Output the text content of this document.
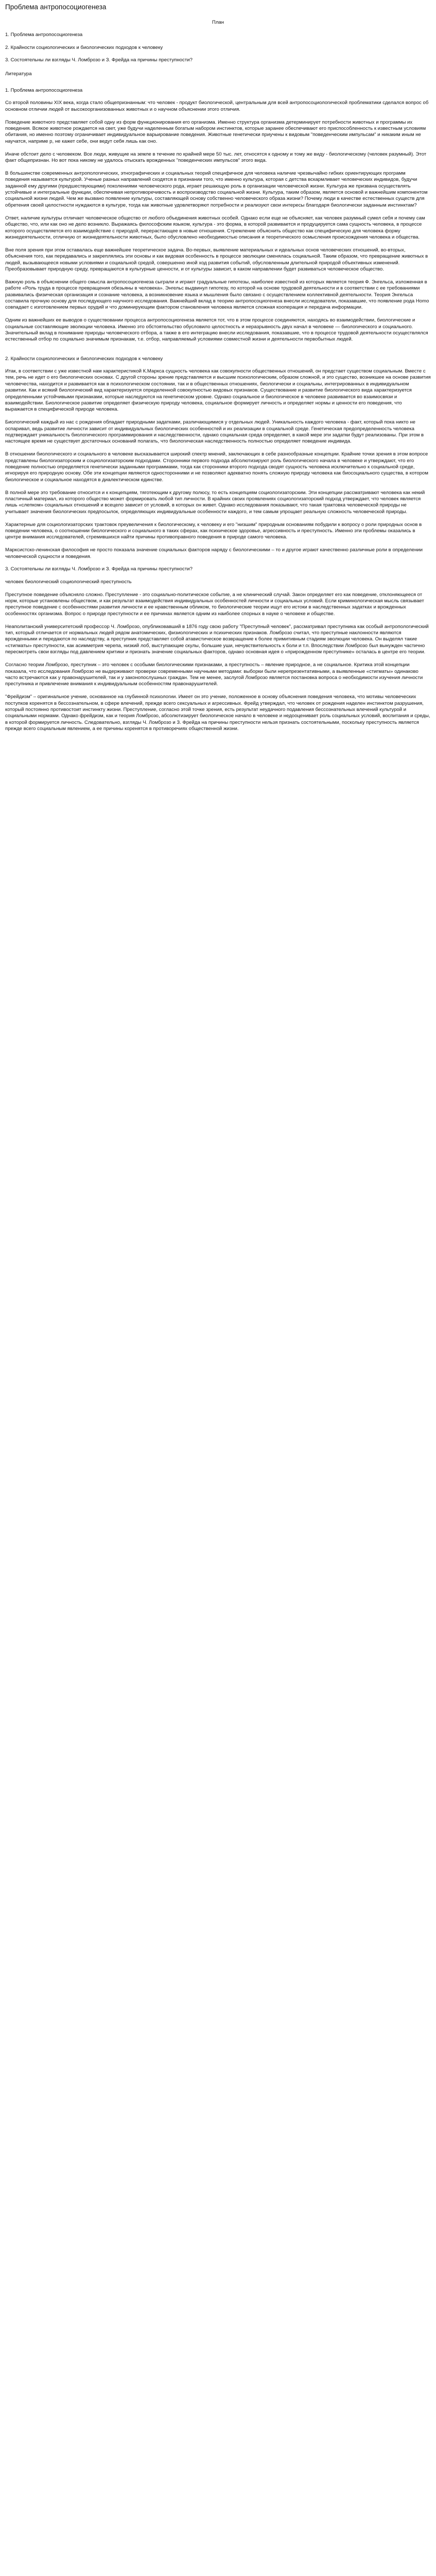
Проблема антропосоциогенеза
План
1. Проблема антропосоциогенеза
2. Крайности социологических и биологических подходов к человеку
3. Состоятельны ли взгляды Ч. Ломброзо и З. Фрейда на причины преступности?
Литература
1. Проблема антропосоциогенеза

Со второй половины XIX века, когда стало общепризнанным: что человек - продукт биологической, центральным для всей антропосоциологической проблематики сделался вопрос об основном отличии людей от высокоорганизованных животных и о научном объяснении этого отличия.

Поведение животного представляет собой одну из форм функционирования его организма. Именно структура организма детерминирует потребности животных и программы их поведения. Всякое животное рождается на свет, уже будучи наделенным богатым набором инстинктов, которые заранее обеспечивают его приспособленность к известным условиям обитания, но именно поэтому ограничивает индивидуальное варьирование поведения. Животные генетически приучены к видовым "поведенческим импульсам" и никаким иным не научатся, наприме р, не кажет себе, они ведут себя лишь как оно.

Иначе обстоит дело с человеком. Все люди, живущие на земле в течение по крайней мере 50 тыс. лет, относятся к одному и тому же виду - биологическому (человек разумный). Этот факт общепризнан. Но вот пока никому не удалось отыскать врожденных "поведенческих импульсов" этого вида.

В большинстве современных антропологических, этнографических и социальных теорий специфичное для человека наличие чрезвычайно гибких ориентирующих программ поведения называется культурой. Ученые разных направлений сходятся в признании того, что именно культура, которая с детства вскармливает человеческих индивидов, будучи заданной ему другими (предшествующими) поколениями человеческого рода, играет решающую роль в организации человеческой жизни. Культура же призвана осуществлять устойчивые и интегральные функции, обеспечивая непротиворечивость и воспроизводство социальной жизни. Культура, таким образом, является основой и важнейшим компонентом социальной жизни людей. Чем же вызвано появление культуры, составляющей основу собственно человеческого образа жизни? Почему люди в качестве естественных существ для обретения своей целостности нуждаются в культуре, тогда как животные удовлетворяют потребности и реализуют свои интересы благодаря биологически заданным инстинктам?

Ответ, наличие культуры отличает человеческое общество от любого объединения животных особей. Однако если еще не объясняет, как человек разумный сумел себя и почему сам общество, что, или как оно не дело возникло. Выражаясь философским языком, культура - это форма, в которой развивается и продуцируется сама сущность человека, в процессе которого осуществляется его взаимодействие с природой, перерастающее в новые отношения. Стремление объяснить общество как специфическую для человека форму жизнедеятельности, отличную от жизнедеятельности животных, было обусловлено необходимостью описания и теоретического осмысления происхождения человека и общества.

Вне поля зрения при этом оставалась еще важнейшее теоретическое задача. Во-первых, выявление материальных и идеальных основ человеческих отношений, во-вторых, объяснения того, как передавались и закреплялись эти основы и как видовая особенность в процессе эволюции сменялась социальной. Таким образом, что превращение животных в людей, вызывающееся новыми условиями и социальной средой, совершенно иной ход развития событий, обусловленным длительной природой объективных изменений. Преобразовывает природную среду, превращаются в культурные ценности, и от культуры зависит, в каком направлении будет развиваться человеческое общество.

Важную роль в объяснении общего смысла антропосоциогенеза сыграли и играют градуальные гипотезы, наиболее известной из которых является теория Ф. Энгельса, изложенная в работе «Роль труда в процессе превращения обезьяны в человека». Энгельс выдвинул гипотезу, по которой на основе трудовой деятельности и в соответствии с ее требованиями развивались физическая организация и сознание человека, а возникновение языка и мышления было связано с осуществлением коллективной деятельности. Теория Энгельса составила прочную основу для последующего научного исследования. Важнейший вклад в теорию антропосоциогенеза внесли исследователи, показавшие, что появление рода Homo совпадает с изготовлением первых орудий и что доминирующим фактором становления человека является сложная кооперация и передача информации.

Одним из важнейших ее выводов о существовании процесса антропосоциогенеза является тот, что в этом процессе соединяются, находясь во взаимодействии, биологические и социальные составляющие эволюции человека. Именно это обстоятельство обусловило целостность и неразрывность двух начал в человеке — биологического и социального. Значительный вклад в понимание природы человеческого отбора, а также в его интеграцию внесли исследования, показавшие, что в процессе трудовой деятельности осуществлялся естественный отбор по социально значимым признакам, т.е. отбор, направляемый условиями совместной жизни и деятельности первобытных людей.

2. Крайности социологических и биологических подходов к человеку

Итак, в соответствии с уже известной нам характеристикой К.Маркса сущность человека как совокупности общественных отношений, он предстает существом социальным. Вместе с тем, речь не идет о его биологических основах. С другой стороны зрение представляется и высшим психологическим, образом сложной, и это существо, возникшее на основе развития человечества, находится и развивается как в психологическом состоянии, так и в общественных отношениях, биологически и социальны, интегрированных в индивидуальном развитии. Как и всякий биологический вид характеризуется определенной совокупностью видовых признаков. Существование и развитие биологического вида характеризуется определенными устойчивыми признаками, которые наследуются на генетическом уровне. Однако социальное и биологическое в человеке развивается во взаимосвязи и взаимодействии. Биологическое развитие определяет физическую природу человека, социальное формирует личность и определяет нормы и ценности его поведения, что выражается в специфической природе человека.

Биологический каждый из нас с рождения обладает природными задатками, различающимися у отдельных людей. Уникальность каждого человека - факт, который пока никто не оспаривал, ведь развитие личности зависит от индивидуальных биологических особенностей и их реализации в социальной среде. Генетическая предопределенность человека подтверждает уникальность биологического программирования и наследственности, однако социальная среда определяет, в какой мере эти задатки будут реализованы. При этом в настоящее время не существует достаточных оснований полагать, что биологическая наследственность полностью определяет поведение индивида.

В отношении биологического и социального в человеке высказывается широкий спектр мнений, заключающих в себе разнообразные концепции. Крайние точки зрения в этом вопросе представлены биологизаторским и социологизаторским подходами. Сторонники первого подхода абсолютизируют роль биологического начала в человеке и утверждают, что его поведение полностью определяется генетически заданными программами, тогда как сторонники второго подхода сводят сущность человека исключительно к социальной среде, игнорируя его природную основу. Обе эти концепции являются односторонними и не позволяют адекватно понять сложную природу человека как биосоциального существа, в котором биологическое и социальное находятся в диалектическом единстве.

В полной мере это требование относится и к концепциям, тяготеющим к другому полюсу, то есть концепциям социологизаторским. Эти концепции рассматривают человека как некий пластичный материал, из которого общество может формировать любой тип личности. В крайних своих проявлениях социологизаторский подход утверждает, что человек является лишь «слепком» социальных отношений и всецело зависит от условий, в которых он живет. Однако исследования показывают, что такая трактовка человеческой природы не учитывает значения биологических предпосылок, определяющих индивидуальные особенности каждого, и тем самым упрощает реальную сложность человеческой природы.

Характерные для социологизаторских трактовок преувеличения к биологическому, к человеку и его "низшим" природным основаниям побудили к вопросу о роли природных основ в поведении человека, о соотношении биологического и социального в таких сферах, как психическое здоровье, агрессивность и преступность. Именно эти проблемы оказались в центре внимания исследователей, стремившихся найти причины противоправного поведения в природе самого человека.

Марксистско-ленинская философия не просто показала значение социальных факторов наряду с биологическими – то и другое играют качественно различные роли в определении человеческой сущности и поведения.

3. Состоятельны ли взгляды Ч. Ломброзо и З. Фрейда на причины преступности?

человек биологический социологический преступность

Преступное поведение объясняло сложно. Преступление - это социально-политическое событие, а не клинический случай. Закон определяет его как поведение, отклоняющееся от норм, которые установлены обществом, и как результат взаимодействия индивидуальных особенностей личности и социальных условий. Если криминологическая мысль связывает преступное поведение с особенностями развития личности и ее нравственным обликом, то биологические теории ищут его истоки в наследственных задатках и врожденных особенностях организма. Вопрос о природе преступности и ее причинах является одним из наиболее спорных в науке о человеке и обществе.

Неаполитанский университетский профессор Ч. Ломброзо, опубликовавший в 1876 году свою работу "Преступный человек", рассматривал преступника как особый антропологический тип, который отличается от нормальных людей рядом анатомических, физиологических и психических признаков. Ломброзо считал, что преступные наклонности являются врожденными и передаются по наследству, а преступник представляет собой атавистическое возвращение к более примитивным стадиям эволюции человека. Он выделял такие «стигматы» преступности, как асимметрия черепа, низкий лоб, выступающие скулы, большие уши, нечувствительность к боли и т.п. Впоследствии Ломброзо был вынужден частично пересмотреть свои взгляды под давлением критики и признать значение социальных факторов, однако основная идея о «прирожденном преступнике» осталась в центре его теории.

Согласно теории Ломброзо, преступник – это человек с особыми биологическими признаками, а преступность – явление природное, а не социальное. Критика этой концепции показала, что исследования Ломброзо не выдерживают проверки современными научными методами: выборки были нерепрезентативными, а выявленные «стигматы» одинаково часто встречаются как у правонарушителей, так и у законопослушных граждан. Тем не менее, заслугой Ломброзо является постановка вопроса о необходимости изучения личности преступника и привлечение внимания к индивидуальным особенностям правонарушителей.

"Фрейдизм" – оригинальное учение, основанное на глубинной психологии. Имеет он это учение, положенное в основу объяснения поведения человека, что мотивы человеческих поступков коренятся в бессознательном, в сфере влечений, прежде всего сексуальных и агрессивных. Фрейд утверждал, что человек от рождения наделен инстинктом разрушения, который постоянно противостоит инстинкту жизни. Преступление, согласно этой точке зрения, есть результат неудачного подавления бессознательных влечений культурой и социальными нормами. Однако фрейдизм, как и теория Ломброзо, абсолютизирует биологическое начало в человеке и недооценивает роль социальных условий, воспитания и среды, в которой формируется личность. Следовательно, взгляды Ч. Ломброзо и З. Фрейда на причины преступности нельзя признать состоятельными, поскольку преступность является прежде всего социальным явлением, а ее причины коренятся в противоречиях общественной жизни.
